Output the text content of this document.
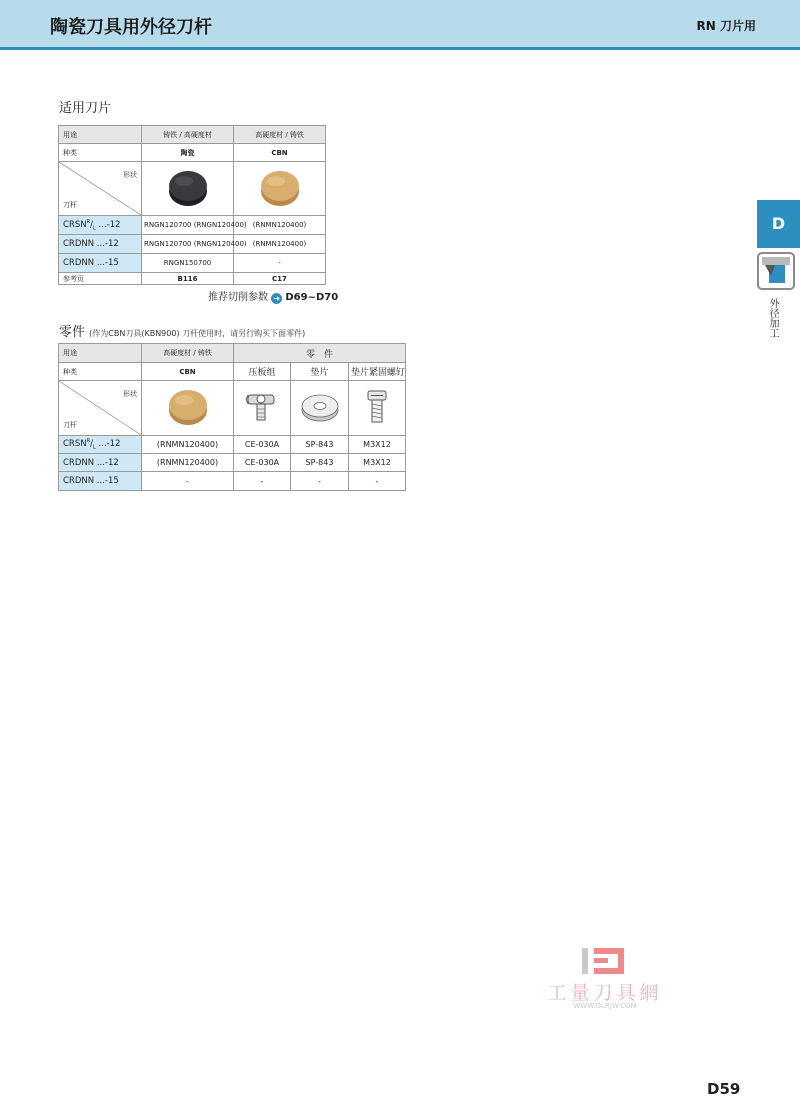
陶瓷刀具用外径刀杆	RN 刀片用
适用刀片
用途	铸铁 / 高硬度材	高硬度材 / 铸铁
种类	陶瓷	CBN

形状
刀杆

$CRSN^R/_L$ ...-12	RNGN120700 (RNGN120400)	(RNMN120400)
CRDNN ...-12	RNGN120700 (RNGN120400)	(RNMN120400)
CRDNN ...-15	RNGN150700	-
参考页	B116	C17
推荐切削参数 ➜ D69~D70
零件 (作为CBN刀具(KBN900) 刀杆使用时，请另行购买下面零件)
用途	高硬度材 / 铸铁	零　件		
种类	CBN	压板组	垫片	垫片紧固螺钉

形状
刀杆

$CRSN^R/_L$ ...-12	(RNMN120400)	CE-030A	SP-843	M3X12
CRDNN ...-12	(RNMN120400)	CE-030A	SP-843	M3X12
CRDNN ...-15	-	-	-	-
D
外径加工
工量刀具網
WWW.GLRJW.COM
D59
